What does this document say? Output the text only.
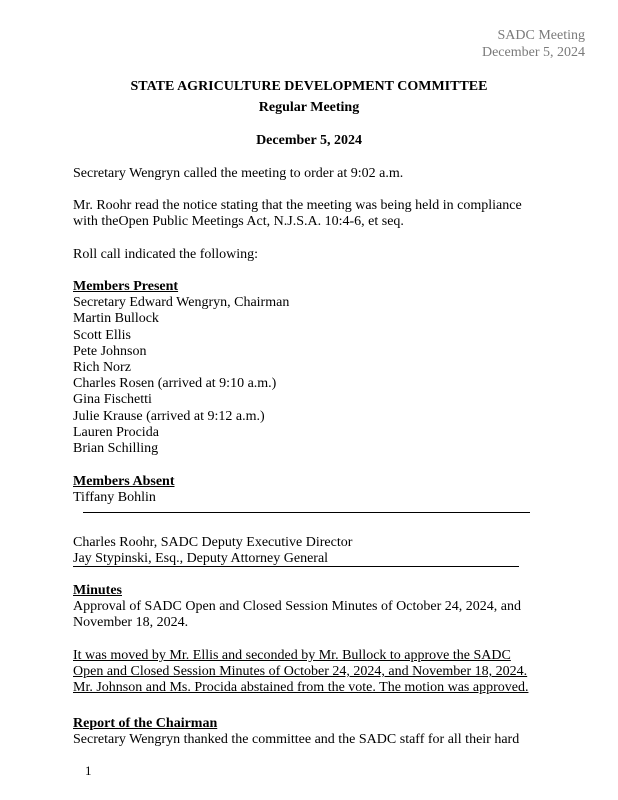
SADC Meeting
December 5, 2024
STATE AGRICULTURE DEVELOPMENT COMMITTEE
Regular Meeting
December 5, 2024
Secretary Wengryn called the meeting to order at 9:02 a.m.
Mr. Roohr read the notice stating that the meeting was being held in compliance
with theOpen Public Meetings Act, N.J.S.A. 10:4-6, et seq.
Roll call indicated the following:
Members Present
Secretary Edward Wengryn, Chairman
Martin Bullock
Scott Ellis
Pete Johnson
Rich Norz
Charles Rosen (arrived at 9:10 a.m.)
Gina Fischetti
Julie Krause (arrived at 9:12 a.m.)
Lauren Procida
Brian Schilling
Members Absent
Tiffany Bohlin
Charles Roohr, SADC Deputy Executive Director
Jay Stypinski, Esq., Deputy Attorney General
Minutes
Approval of SADC Open and Closed Session Minutes of October 24, 2024, and
November 18, 2024.
It was moved by Mr. Ellis and seconded by Mr. Bullock to approve the SADC
Open and Closed Session Minutes of October 24, 2024, and November 18, 2024.
Mr. Johnson and Ms. Procida abstained from the vote. The motion was approved.
Report of the Chairman
Secretary Wengryn thanked the committee and the SADC staff for all their hard
1
